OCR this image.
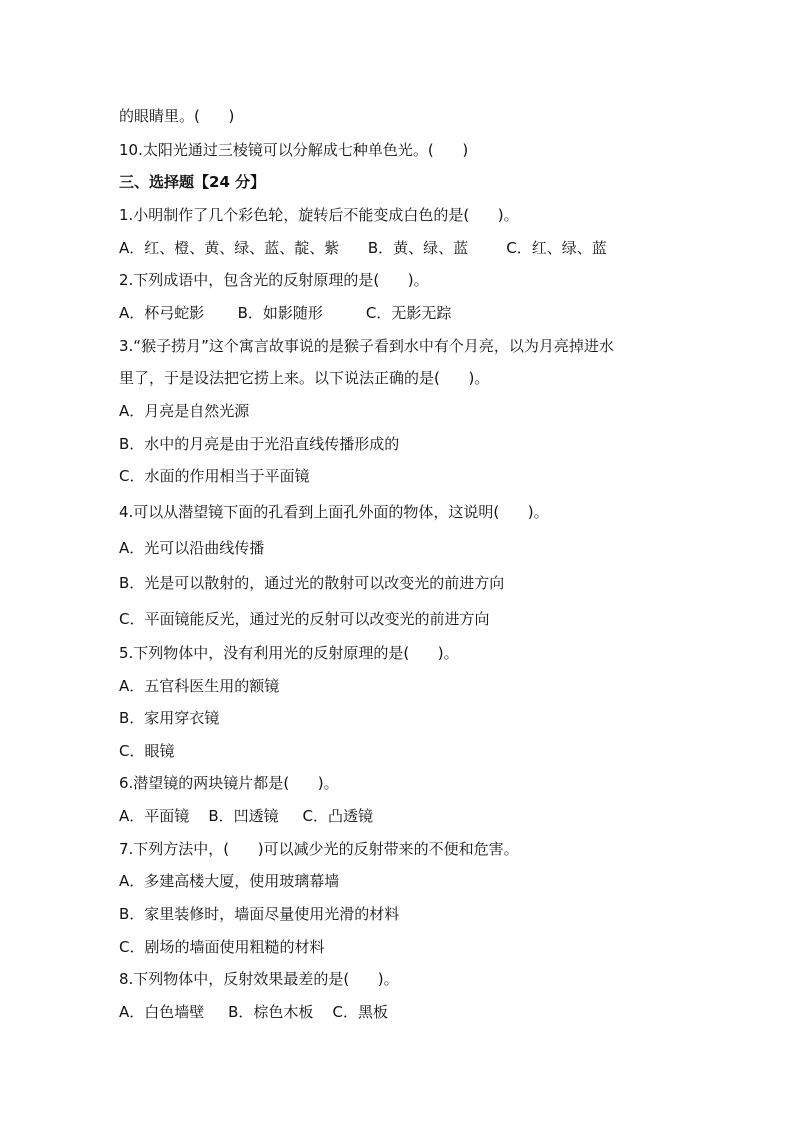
的眼睛里。(      )
10.太阳光通过三棱镜可以分解成七种单色光。(      )
三、选择题【24 分】
1.小明制作了几个彩色轮，旋转后不能变成白色的是(      )。
A．红、橙、黄、绿、蓝、靛、紫      B．黄、绿、蓝        C．红、绿、蓝
2.下列成语中，包含光的反射原理的是(      )。
A．杯弓蛇影       B．如影随形         C．无影无踪
3.“猴子捞月”这个寓言故事说的是猴子看到水中有个月亮，以为月亮掉进水
里了，于是设法把它捞上来。以下说法正确的是(      )。
A．月亮是自然光源
B．水中的月亮是由于光沿直线传播形成的
C．水面的作用相当于平面镜
4.可以从潜望镜下面的孔看到上面孔外面的物体，这说明(      )。
A．光可以沿曲线传播
B．光是可以散射的，通过光的散射可以改变光的前进方向
C．平面镜能反光，通过光的反射可以改变光的前进方向
5.下列物体中，没有利用光的反射原理的是(      )。
A．五官科医生用的额镜
B．家用穿衣镜
C．眼镜
6.潜望镜的两块镜片都是(      )。
A．平面镜    B．凹透镜     C．凸透镜
7.下列方法中，(      )可以减少光的反射带来的不便和危害。
A．多建高楼大厦，使用玻璃幕墙
B．家里装修时，墙面尽量使用光滑的材料
C．剧场的墙面使用粗糙的材料
8.下列物体中，反射效果最差的是(      )。
A．白色墙壁     B．棕色木板    C．黑板
